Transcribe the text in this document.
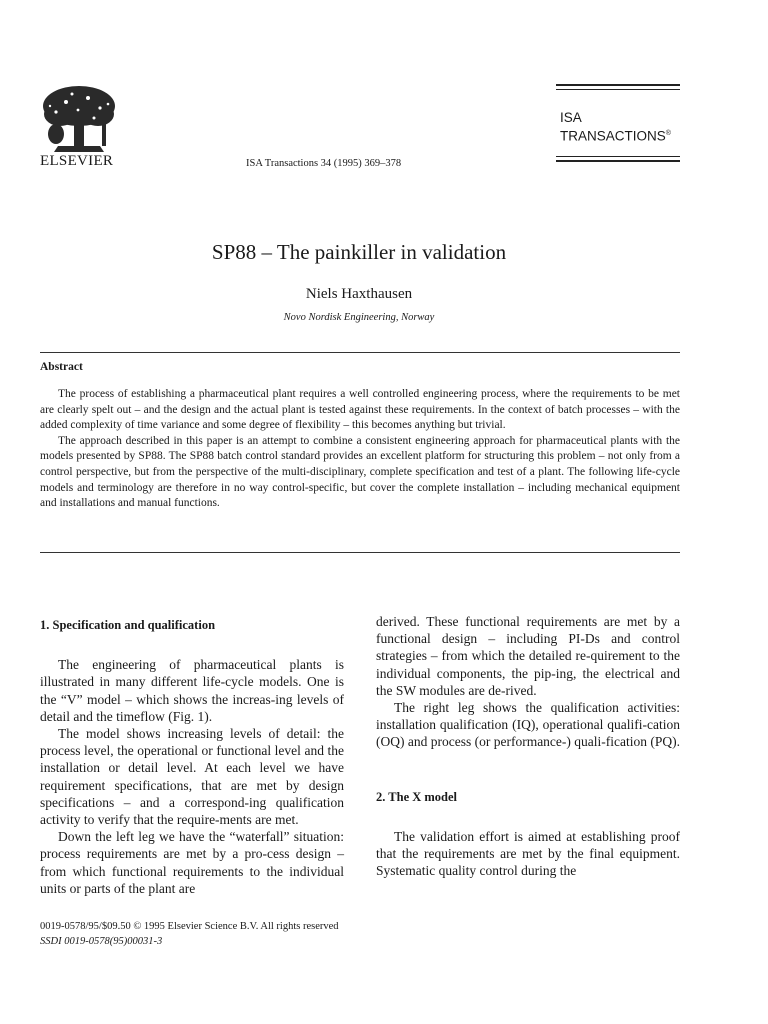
ELSEVIER	ISA Transactions 34 (1995) 369–378
ISA
TRANSACTIONS®
SP88 – The painkiller in validation
Niels Haxthausen
Novo Nordisk Engineering, Norway
Abstract

The process of establishing a pharmaceutical plant requires a well controlled engineering process, where the requirements to be met are clearly spelt out – and the design and the actual plant is tested against these requirements. In the context of batch processes – with the added complexity of time variance and some degree of flexibility – this becomes anything but trivial.

The approach described in this paper is an attempt to combine a consistent engineering approach for pharmaceutical plants with the models presented by SP88. The SP88 batch control standard provides an excellent platform for structuring this problem – not only from a control perspective, but from the perspective of the multi-disciplinary, complete specification and test of a plant. The following life-cycle models and terminology are therefore in no way control-specific, but cover the complete installation – including mechanical equipment and installations and manual functions.

1. Specification and qualification

The engineering of pharmaceutical plants is illustrated in many different life-cycle models. One is the “V” model – which shows the increas-ing levels of detail and the timeflow (Fig. 1).

The model shows increasing levels of detail: the process level, the operational or functional level and the installation or detail level. At each level we have requirement specifications, that are met by design specifications – and a correspond-ing qualification activity to verify that the require-ments are met.

Down the left leg we have the “waterfall” situation: process requirements are met by a pro-cess design – from which functional requirements to the individual units or parts of the plant are

derived. These functional requirements are met by a functional design – including PI-Ds and control strategies – from which the detailed re-quirement to the individual components, the pip-ing, the electrical and the SW modules are de-rived.

The right leg shows the qualification activities: installation qualification (IQ), operational qualifi-cation (OQ) and process (or performance-) quali-fication (PQ).

2. The X model

The validation effort is aimed at establishing proof that the requirements are met by the final equipment. Systematic quality control during the

0019-0578/95/$09.50 © 1995 Elsevier Science B.V. All rights reserved
SSDI 0019-0578(95)00031-3
